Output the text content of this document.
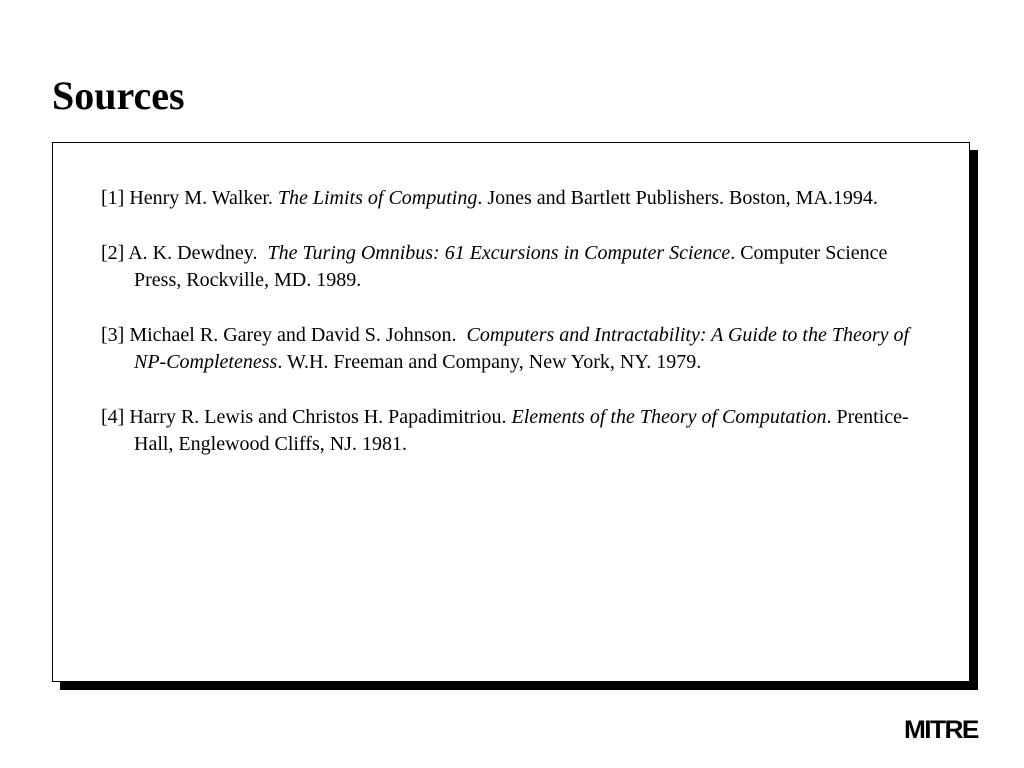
Sources
[1] Henry M. Walker. The Limits of Computing. Jones and Bartlett Publishers. Boston, MA.1994.
[2] A. K. Dewdney. The Turing Omnibus: 61 Excursions in Computer Science. Computer Science Press, Rockville, MD. 1989.
[3] Michael R. Garey and David S. Johnson. Computers and Intractability: A Guide to the Theory of NP-Completeness. W.H. Freeman and Company, New York, NY. 1979.
[4] Harry R. Lewis and Christos H. Papadimitriou. Elements of the Theory of Computation. Prentice-Hall, Englewood Cliffs, NJ. 1981.
MITRE
